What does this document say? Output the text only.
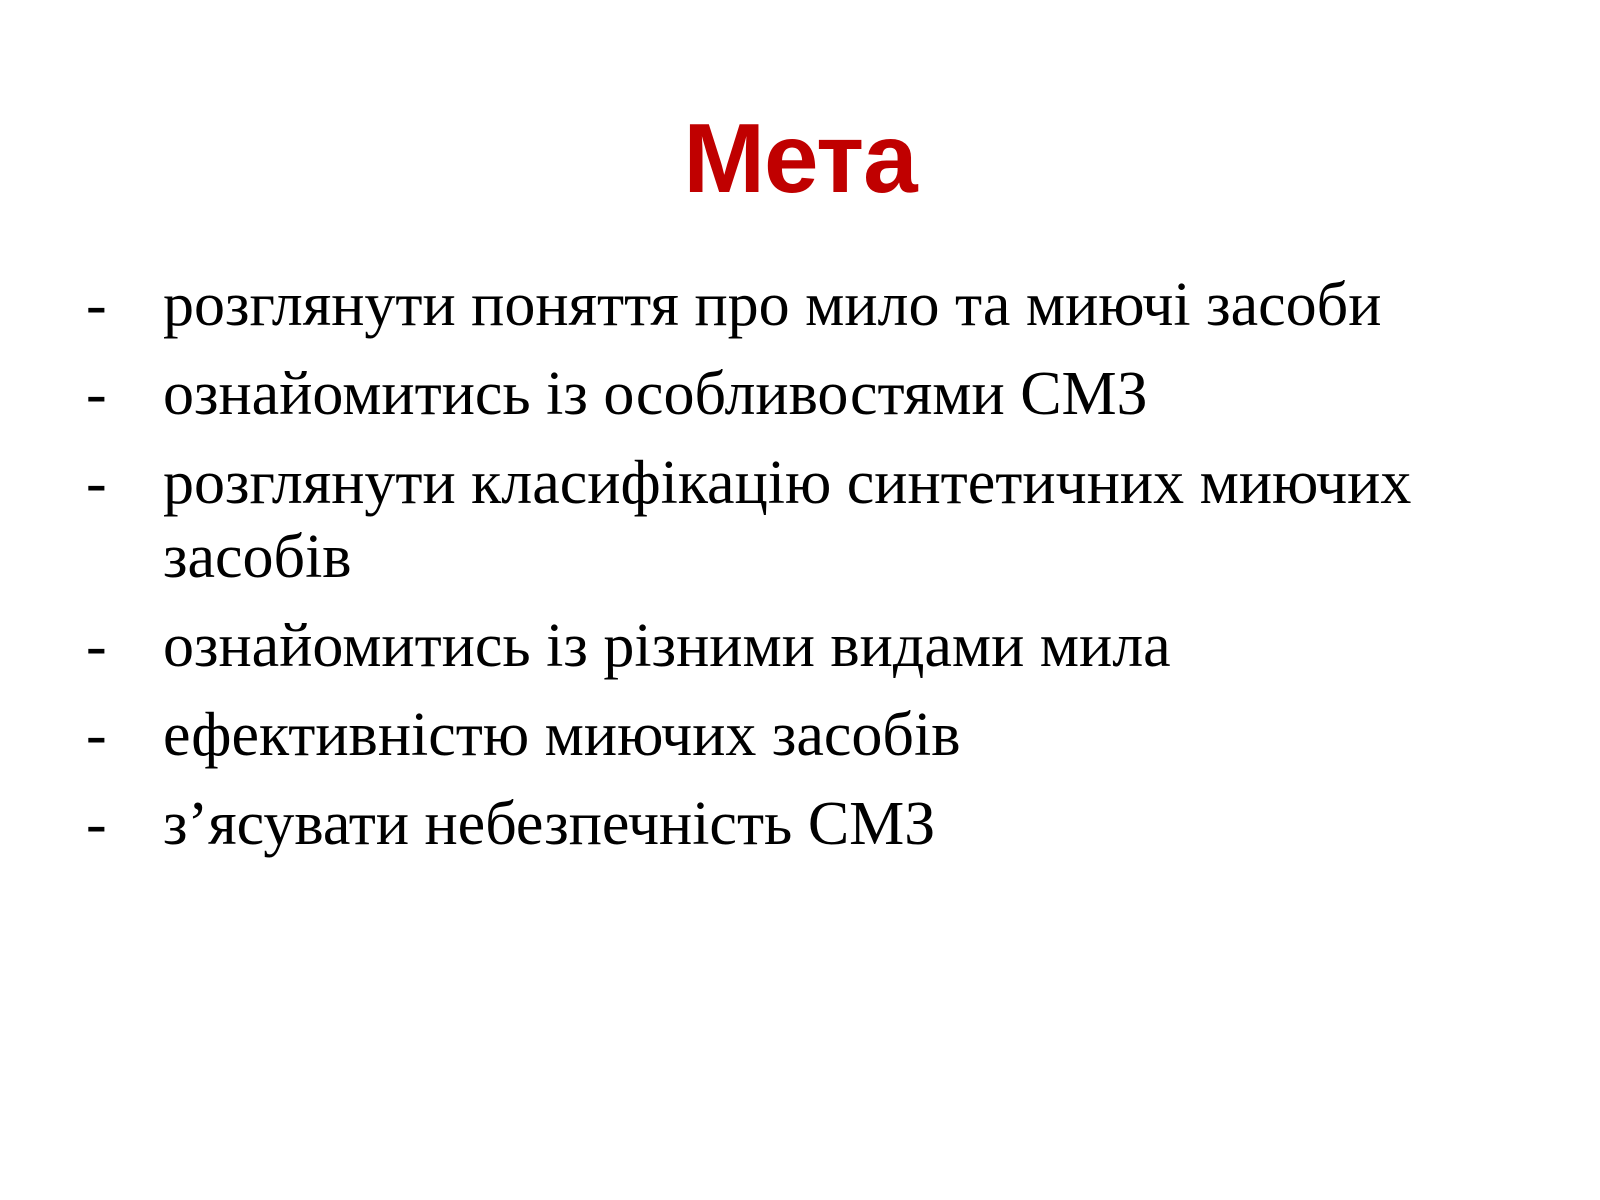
Мета
- розглянути поняття про мило та миючі засоби
- ознайомитись із особливостями СМЗ
- розглянути класифікацію синтетичних миючих засобів
- ознайомитись із різними видами мила
- ефективністю миючих засобів
- з’ясувати небезпечність СМЗ
